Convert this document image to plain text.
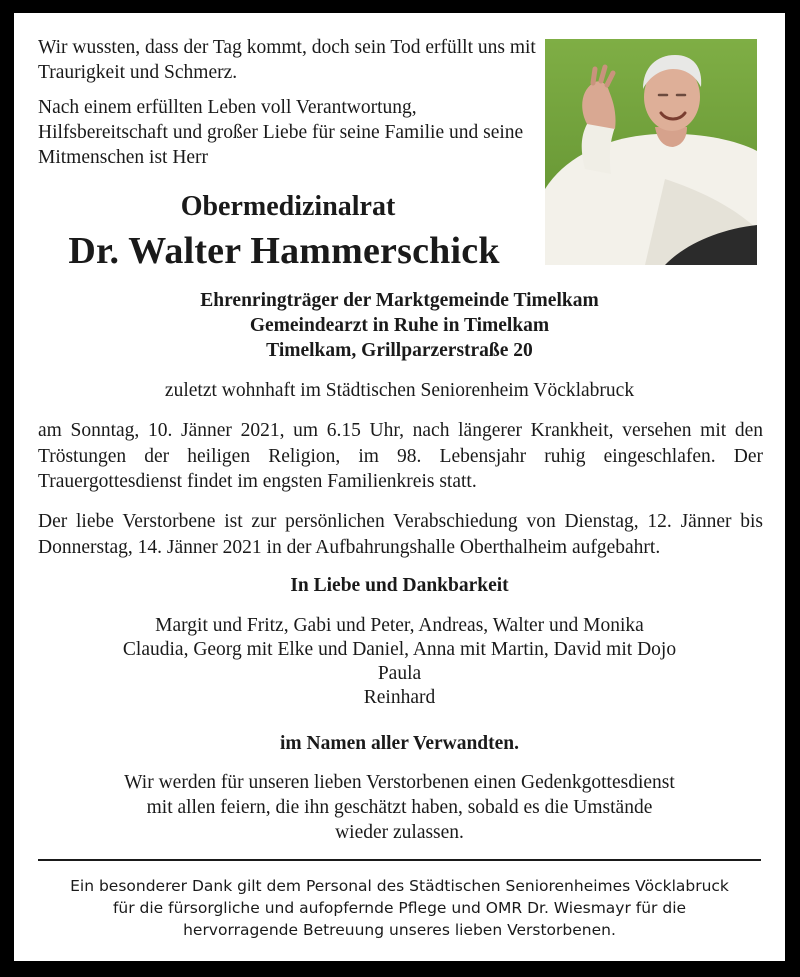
Wir wussten, dass der Tag kommt, doch sein Tod erfüllt uns mit Traurigkeit und Schmerz.

Nach einem erfüllten Leben voll Verantwortung, Hilfsbereitschaft und großer Liebe für seine Familie und seine Mitmenschen ist Herr

Obermedizinalrat
Dr. Walter Hammerschick
Ehrenringträger der Marktgemeinde Timelkam
Gemeindearzt in Ruhe in Timelkam
Timelkam, Grillparzerstraße 20
zuletzt wohnhaft im Städtischen Seniorenheim Vöcklabruck

am Sonntag, 10. Jänner 2021, um 6.15 Uhr, nach längerer Krankheit, versehen mit den Tröstungen der heiligen Religion, im 98. Lebensjahr ruhig eingeschlafen. Der Trauergottesdienst findet im engsten Familienkreis statt.

Der liebe Verstorbene ist zur persönlichen Verabschiedung von Dienstag, 12. Jänner bis Donnerstag, 14. Jänner 2021 in der Aufbahrungshalle Oberthalheim aufgebahrt.

In Liebe und Dankbarkeit
Margit und Fritz, Gabi und Peter, Andreas, Walter und Monika
Claudia, Georg mit Elke und Daniel, Anna mit Martin, David mit Dojo
Paula
Reinhard
im Namen aller Verwandten.
Wir werden für unseren lieben Verstorbenen einen Gedenkgottesdienst
mit allen feiern, die ihn geschätzt haben, sobald es die Umstände
wieder zulassen.
Ein besonderer Dank gilt dem Personal des Städtischen Seniorenheimes Vöcklabruck
für die fürsorgliche und aufopfernde Pflege und OMR Dr. Wiesmayr für die
hervorragende Betreuung unseres lieben Verstorbenen.
